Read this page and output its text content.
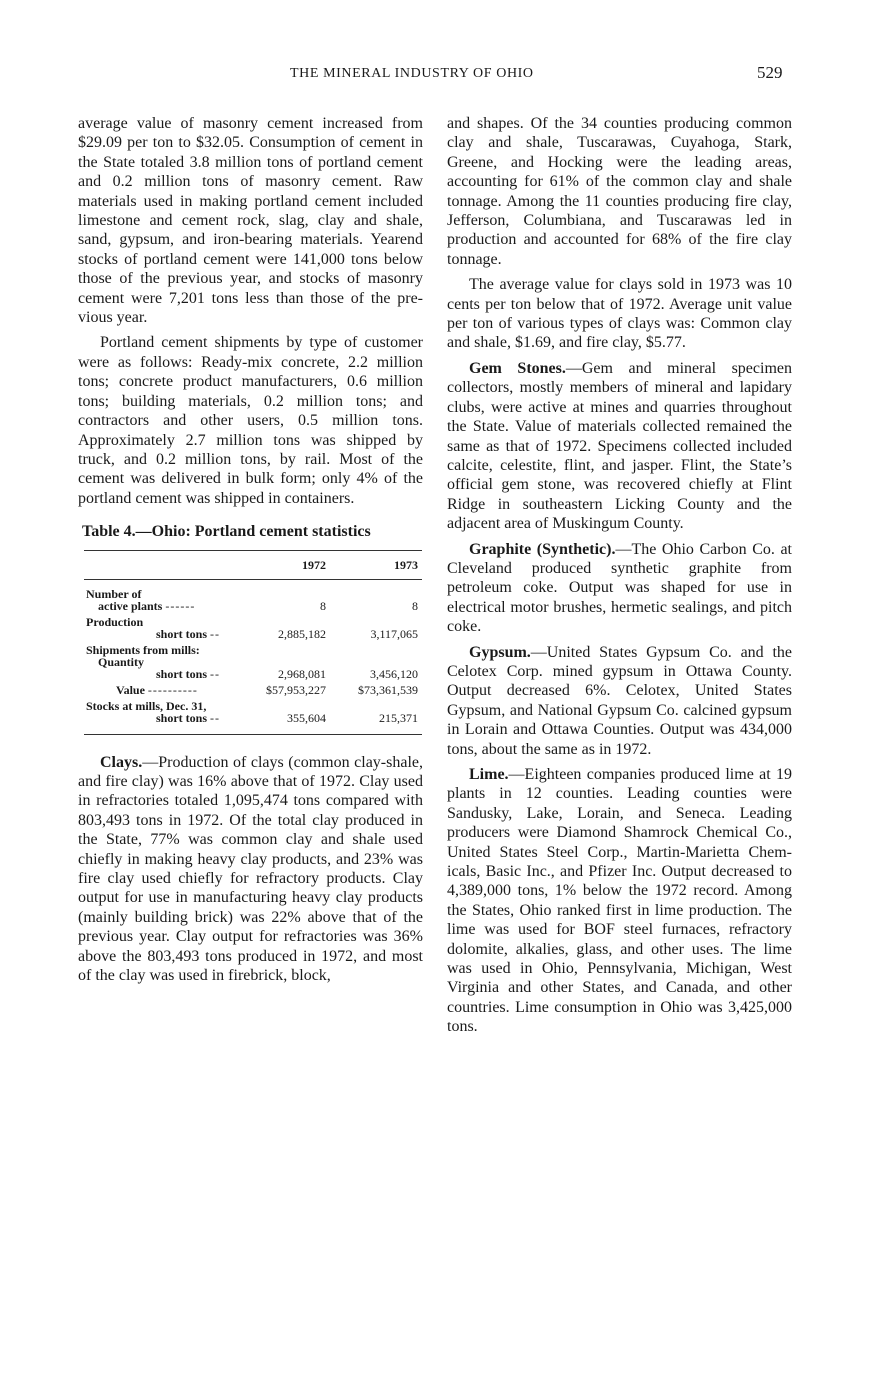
THE MINERAL INDUSTRY OF OHIO	529

average value of masonry cement increased from $29.09 per ton to $32.05. Consumption of cement in the State totaled 3.8 million tons of portland cement and 0.2 million tons of masonry cement. Raw materials used in making portland cement included limestone and cement rock, slag, clay and shale, sand, gypsum, and iron-bearing materials. Yearend stocks of portland cement were 141,000 tons below those of the previous year, and stocks of masonry cement were 7,201 tons less than those of the previous year.

Portland cement shipments by type of customer were as follows: Ready-mix concrete, 2.2 million tons; concrete product manufacturers, 0.6 million tons; building materials, 0.2 million tons; and contractors and other users, 0.5 million tons. Approximately 2.7 million tons was shipped by truck, and 0.2 million tons, by rail. Most of the cement was delivered in bulk form; only 4% of the portland cement was shipped in containers.

Table 4.—Ohio: Portland cement statistics
	1972	1973

Number of
active plants ------	8	8

Production
short tons --	2,885,182	3,117,065

Shipments from mills:
Quantity
short tons --	2,968,081	3,456,120

Value ----------	$57,953,227	$73,361,539

Stocks at mills, Dec. 31,
short tons --	355,604	215,371

Clays.—Production of clays (common clay-shale, and fire clay) was 16% above that of 1972. Clay used in refractories totaled 1,095,474 tons compared with 803,493 tons in 1972. Of the total clay produced in the State, 77% was common clay and shale used chiefly in making heavy clay products, and 23% was fire clay used chiefly for refractory products. Clay output for use in manufacturing heavy clay products (mainly building brick) was 22% above that of the previous year. Clay output for refractories was 36% above the 803,493 tons produced in 1972, and most of the clay was used in firebrick, block,

and shapes. Of the 34 counties producing common clay and shale, Tuscarawas, Cuyahoga, Stark, Greene, and Hocking were the leading areas, accounting for 61% of the common clay and shale tonnage. Among the 11 counties producing fire clay, Jefferson, Columbiana, and Tuscarawas led in production and accounted for 68% of the fire clay tonnage.

The average value for clays sold in 1973 was 10 cents per ton below that of 1972. Average unit value per ton of various types of clays was: Common clay and shale, $1.69, and fire clay, $5.77.

Gem Stones.—Gem and mineral specimen collectors, mostly members of mineral and lapidary clubs, were active at mines and quarries throughout the State. Value of materials collected remained the same as that of 1972. Specimens collected included calcite, celestite, flint, and jasper. Flint, the State’s official gem stone, was recovered chiefly at Flint Ridge in southeastern Licking County and the adjacent area of Muskingum County.

Graphite (Synthetic).—The Ohio Carbon Co. at Cleveland produced synthetic graphite from petroleum coke. Output was shaped for use in electrical motor brushes, hermetic sealings, and pitch coke.

Gypsum.—United States Gypsum Co. and the Celotex Corp. mined gypsum in Ottawa County. Output decreased 6%. Celotex, United States Gypsum, and National Gypsum Co. calcined gypsum in Lorain and Ottawa Counties. Output was 434,000 tons, about the same as in 1972.

Lime.—Eighteen companies produced lime at 19 plants in 12 counties. Leading counties were Sandusky, Lake, Lorain, and Seneca. Leading producers were Diamond Shamrock Chemical Co., United States Steel Corp., Martin-Marietta Chemicals, Basic Inc., and Pfizer Inc. Output decreased to 4,389,000 tons, 1% below the 1972 record. Among the States, Ohio ranked first in lime production. The lime was used for BOF steel furnaces, refractory dolomite, alkalies, glass, and other uses. The lime was used in Ohio, Pennsylvania, Michigan, West Virginia and other States, and Canada, and other countries. Lime consumption in Ohio was 3,425,000 tons.
